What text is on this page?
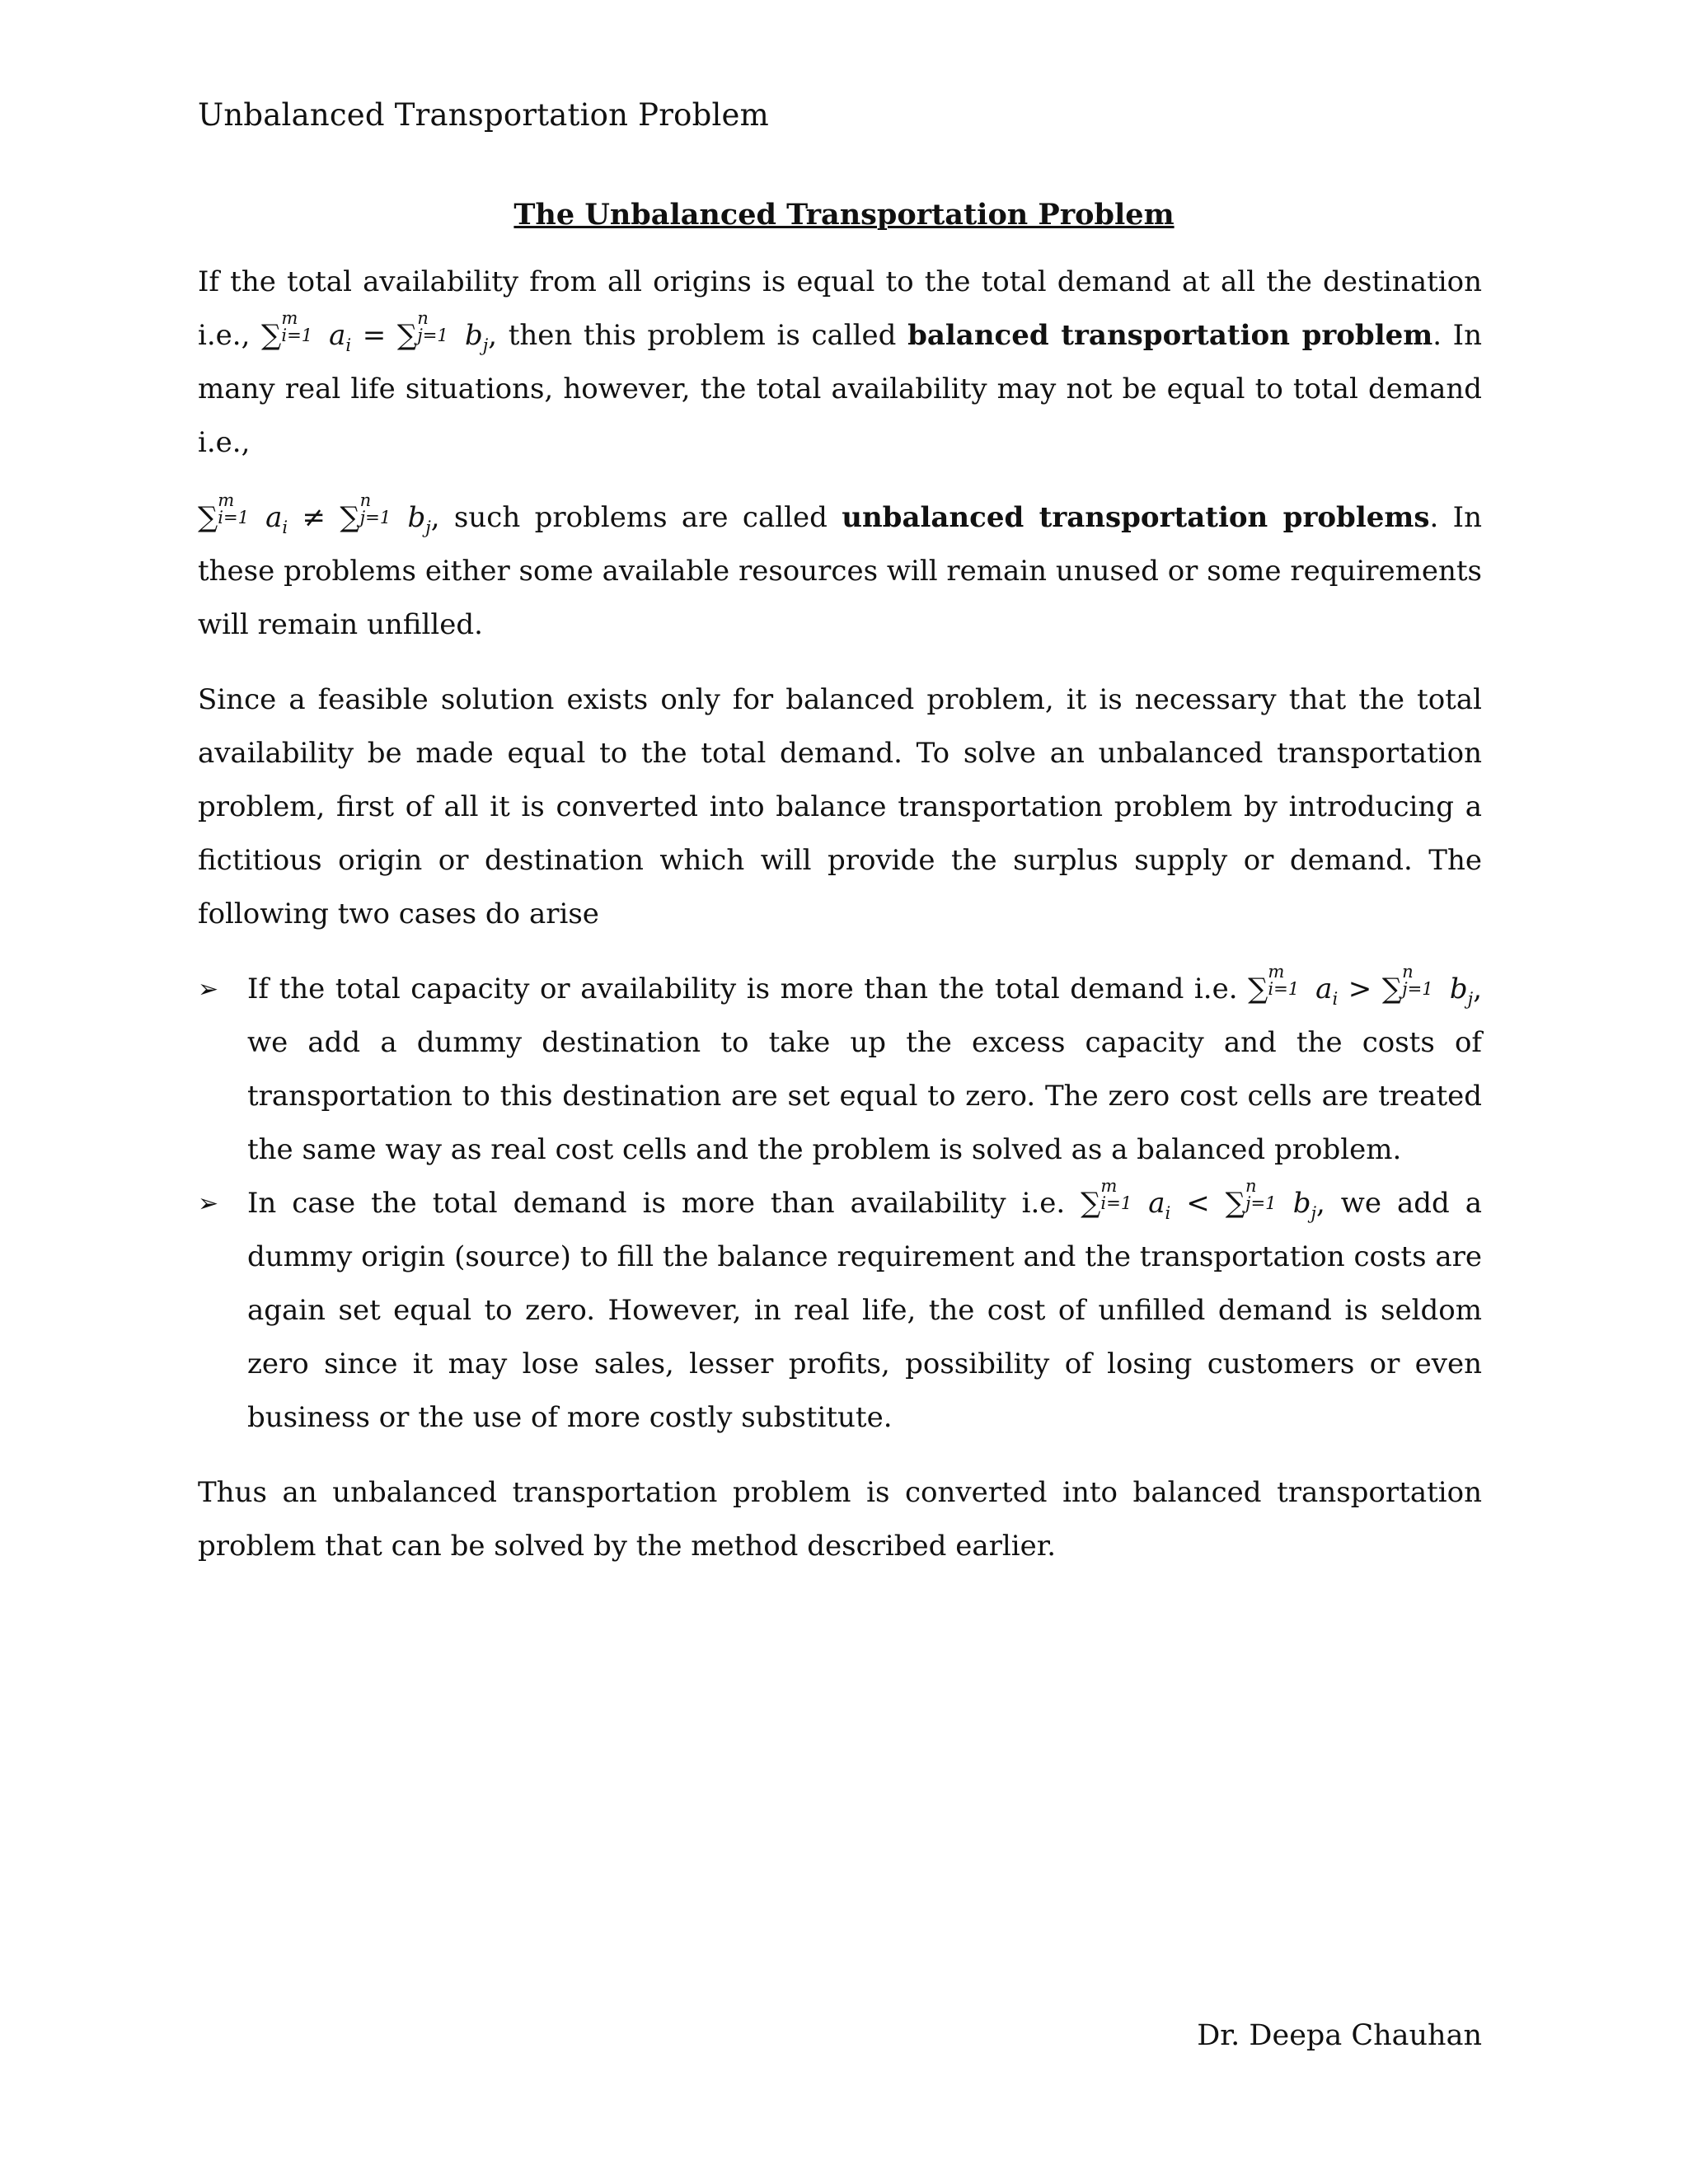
Unbalanced Transportation Problem
The Unbalanced Transportation Problem

If the total availability from all origins is equal to the total demand at all the destination i.e., ∑
m
i=1 $a_i$ = ∑
n
j=1 $b_j$, then this problem is called balanced transportation problem. In many real life situations, however, the total availability may not be equal to total demand i.e.,

∑
m
i=1 $a_i$ ≠ ∑
n
j=1 $b_j$, such problems are called unbalanced transportation problems. In these problems either some available resources will remain unused or some requirements will remain unfilled.

Since a feasible solution exists only for balanced problem, it is necessary that the total availability be made equal to the total demand. To solve an unbalanced transportation problem, first of all it is converted into balance transportation problem by introducing a fictitious origin or destination which will provide the surplus supply or demand. The following two cases do arise

➢ If the total capacity or availability is more than the total demand i.e. ∑
m
i=1 $a_i$ > ∑
n
j=1 $b_j$, we add a dummy destination to take up the excess capacity and the costs of transportation to this destination are set equal to zero. The zero cost cells are treated the same way as real cost cells and the problem is solved as a balanced problem.
➢ In case the total demand is more than availability i.e. ∑
m
i=1 $a_i$ < ∑
n
j=1 $b_j$, we add a dummy origin (source) to fill the balance requirement and the transportation costs are again set equal to zero. However, in real life, the cost of unfilled demand is seldom zero since it may lose sales, lesser profits, possibility of losing customers or even business or the use of more costly substitute.

Thus an unbalanced transportation problem is converted into balanced transportation problem that can be solved by the method described earlier.

Dr. Deepa Chauhan
